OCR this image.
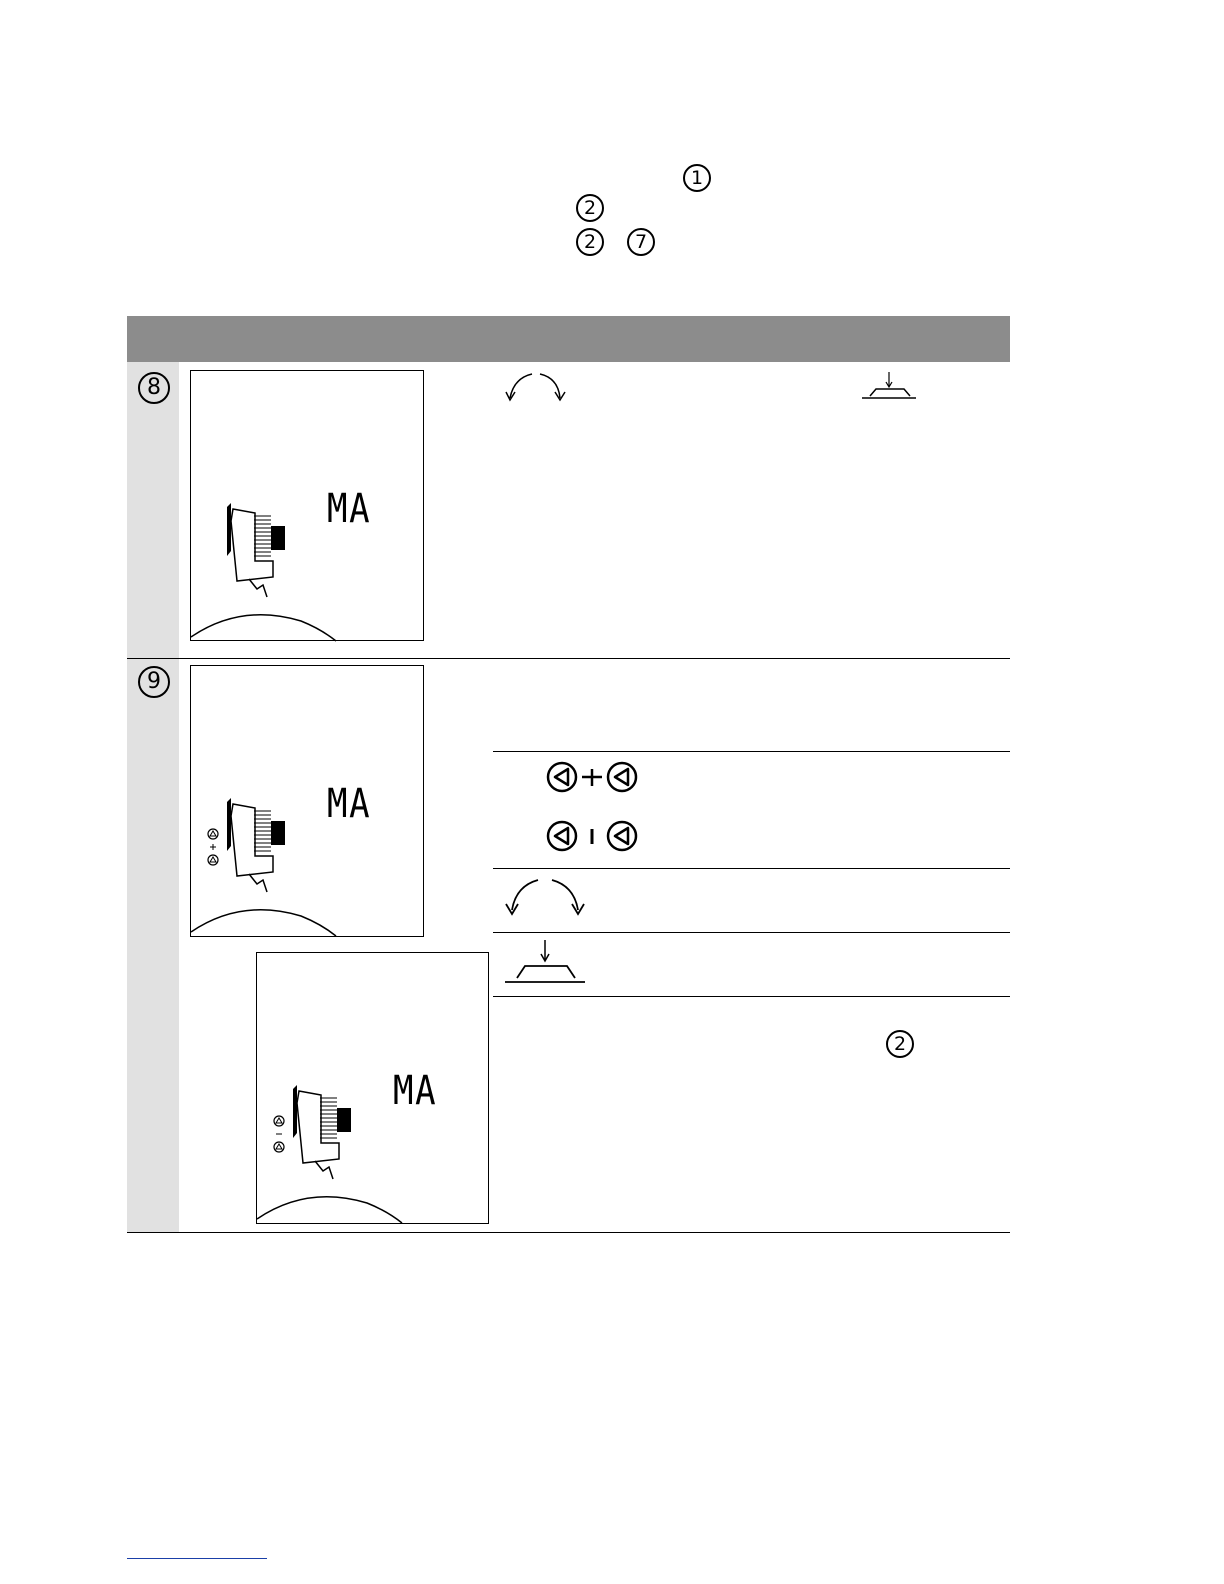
1
2
2 7
8
9
MA
MA
MA
2
